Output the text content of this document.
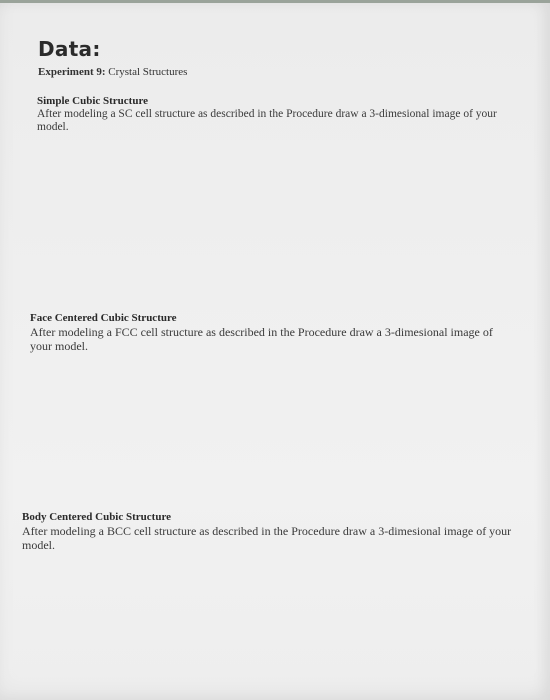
Data:
Experiment 9: Crystal Structures
Simple Cubic Structure
After modeling a SC cell structure as described in the Procedure draw a 3-dimesional image of your model.
Face Centered Cubic Structure
After modeling a FCC cell structure as described in the Procedure draw a 3-dimesional image of your model.
Body Centered Cubic Structure
After modeling a BCC cell structure as described in the Procedure draw a 3-dimesional image of your model.
